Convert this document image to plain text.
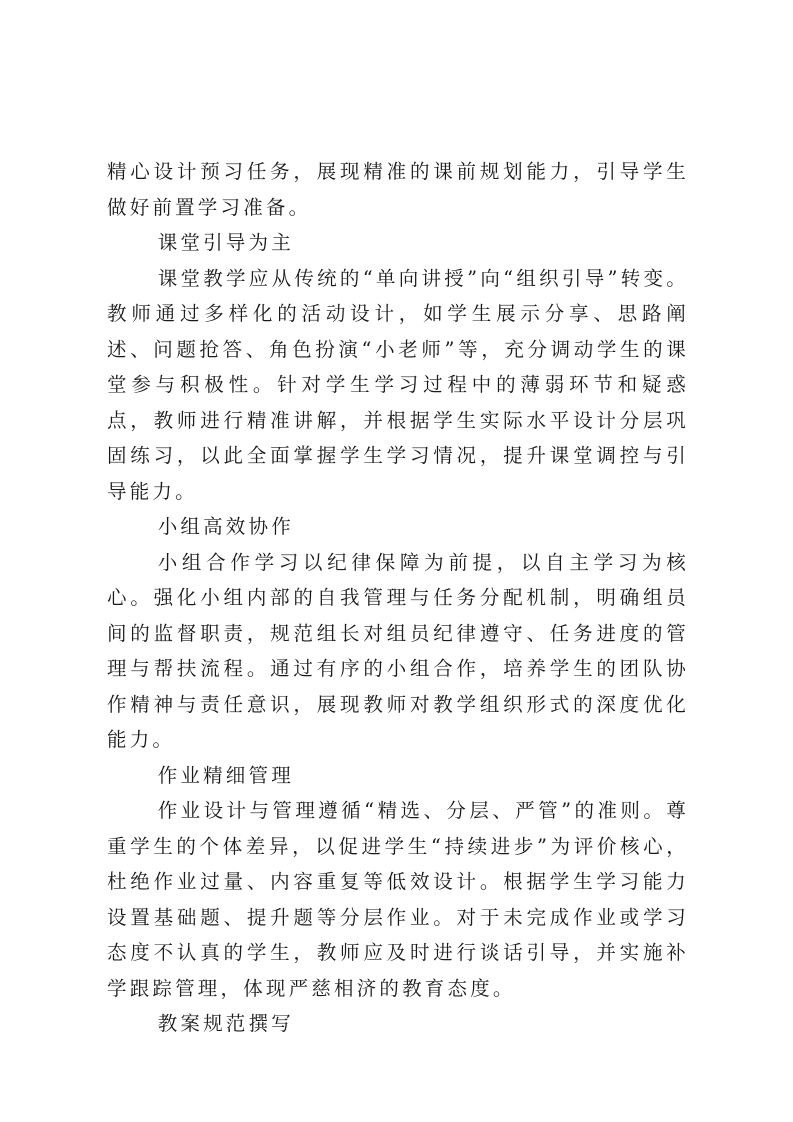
精心设计预习任务，展现精准的课前规划能力，引导学生做好前置学习准备。

课堂引导为主

课堂教学应从传统的“单向讲授”向“组织引导”转变。教师通过多样化的活动设计，如学生展示分享、思路阐述、问题抢答、角色扮演“小老师”等，充分调动学生的课堂参与积极性。针对学生学习过程中的薄弱环节和疑惑点，教师进行精准讲解，并根据学生实际水平设计分层巩固练习，以此全面掌握学生学习情况，提升课堂调控与引导能力。

小组高效协作

小组合作学习以纪律保障为前提，以自主学习为核心。强化小组内部的自我管理与任务分配机制，明确组员间的监督职责，规范组长对组员纪律遵守、任务进度的管理与帮扶流程。通过有序的小组合作，培养学生的团队协作精神与责任意识，展现教师对教学组织形式的深度优化能力。

作业精细管理

作业设计与管理遵循“精选、分层、严管”的准则。尊重学生的个体差异，以促进学生“持续进步”为评价核心，杜绝作业过量、内容重复等低效设计。根据学生学习能力设置基础题、提升题等分层作业。对于未完成作业或学习态度不认真的学生，教师应及时进行谈话引导，并实施补学跟踪管理，体现严慈相济的教育态度。

教案规范撰写
